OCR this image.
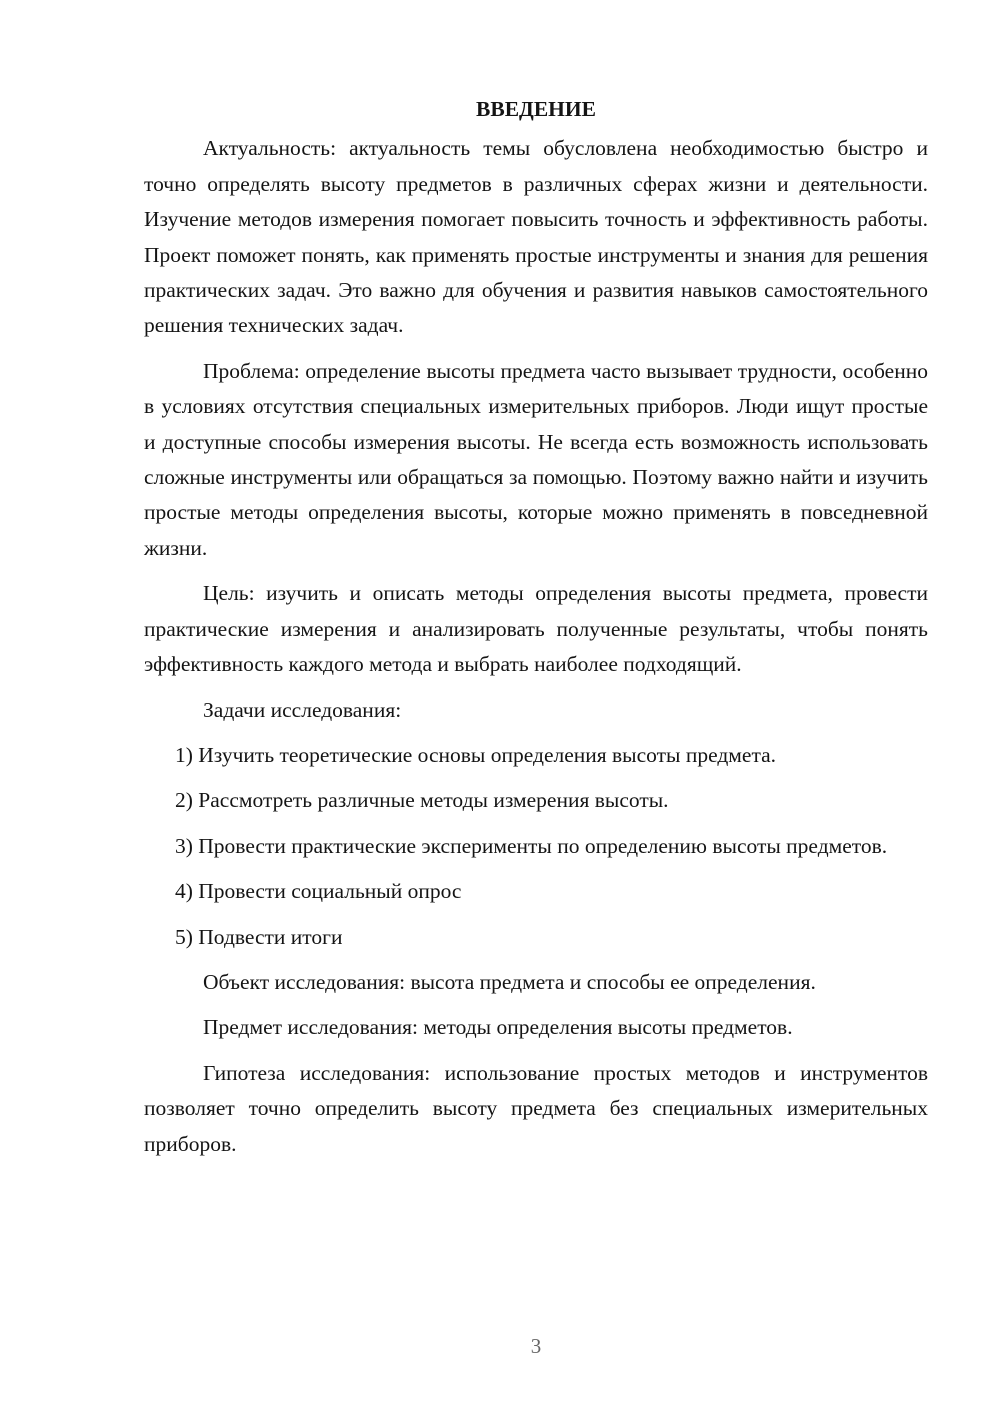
ВВЕДЕНИЕ

Актуальность: актуальность темы обусловлена необходимостью быстро и точно определять высоту предметов в различных сферах жизни и деятельности. Изучение методов измерения помогает повысить точность и эффективность работы. Проект поможет понять, как применять простые инструменты и знания для решения практических задач. Это важно для обучения и развития навыков самостоятельного решения технических задач.

Проблема: определение высоты предмета часто вызывает трудности, особенно в условиях отсутствия специальных измерительных приборов. Люди ищут простые и доступные способы измерения высоты. Не всегда есть возможность использовать сложные инструменты или обращаться за помощью. Поэтому важно найти и изучить простые методы определения высоты, которые можно применять в повседневной жизни.

Цель: изучить и описать методы определения высоты предмета, провести практические измерения и анализировать полученные результаты, чтобы понять эффективность каждого метода и выбрать наиболее подходящий.

Задачи исследования:

1) Изучить теоретические основы определения высоты предмета.

2) Рассмотреть различные методы измерения высоты.

3) Провести практические эксперименты по определению высоты предметов.

4) Провести социальный опрос

5) Подвести итоги

Объект исследования: высота предмета и способы ее определения.

Предмет исследования: методы определения высоты предметов.

Гипотеза исследования: использование простых методов и инструментов позволяет точно определить высоту предмета без специальных измерительных приборов.

3
